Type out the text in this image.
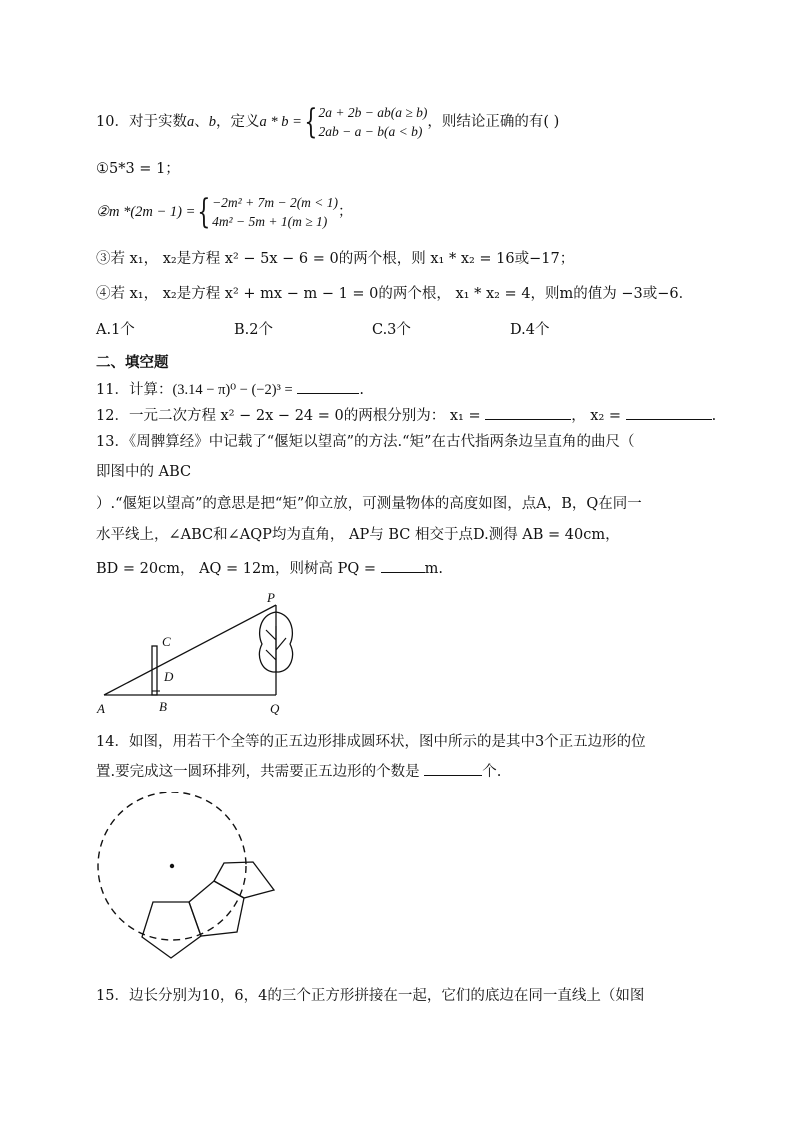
10．对于实数a、b，定义a * b ={ 2a + 2b − ab(a ≥ b)
2ab − a − b(a < b)
，则结论正确的有( )
①5*3 = 1；
②m *(2m − 1) ={ −2m² + 7m − 2(m < 1)
4m² − 5m + 1(m ≥ 1)
；
③若 x₁， x₂是方程 x² − 5x − 6 = 0的两个根，则 x₁ * x₂ = 16或−17；
④若 x₁， x₂是方程 x² + mx − m − 1 = 0的两个根， x₁ * x₂ = 4，则m的值为 −3或−6．
A.1个	B.2个	C.3个	D.4个
二、填空题
11．计算：(3.14 − π)⁰ − (−2)³ =	.
12．一元二次方程 x² − 2x − 24 = 0的两根分别为： x₁ =	， x₂ =	.
13．《周髀算经》中记载了“偃矩以望高”的方法.“矩”在古代指两条边呈直角的曲尺（
即图中的 ABC
）.“偃矩以望高”的意思是把“矩”仰立放，可测量物体的高度如图，点A，B，Q在同一
水平线上，∠ABC和∠AQP均为直角， AP与 BC 相交于点D.测得 AB = 40cm，
BD = 20cm， AQ = 12m，则树高 PQ =	m.
P
C
D
A	B	Q
14．如图，用若干个全等的正五边形排成圆环状，图中所示的是其中3个正五边形的位
置.要完成这一圆环排列，共需要正五边形的个数是	个.
15．边长分别为10，6，4的三个正方形拼接在一起，它们的底边在同一直线上（如图
